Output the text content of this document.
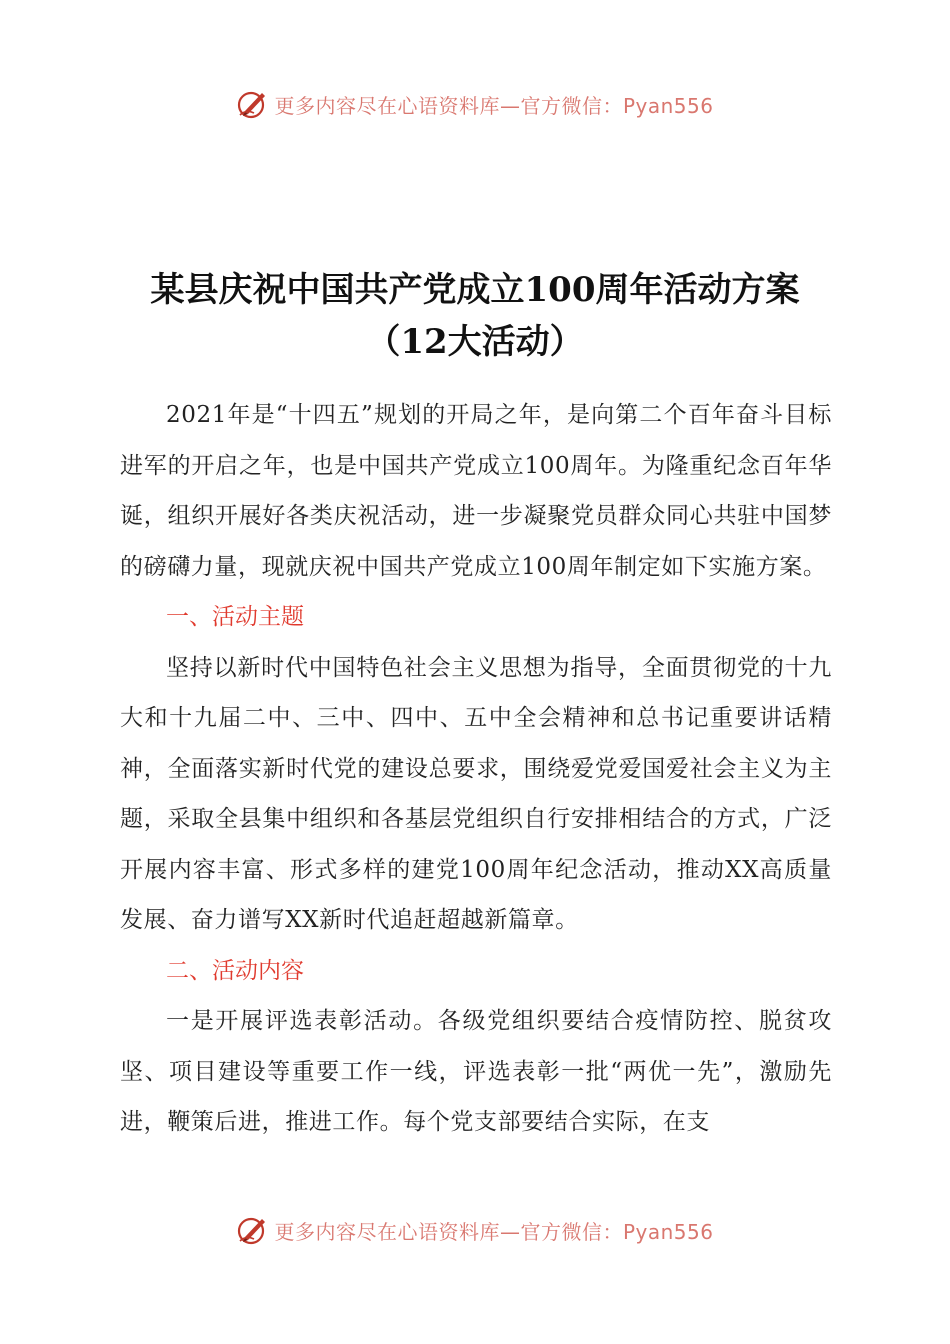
更多内容尽在心语资料库—官方微信：Pyan556
某县庆祝中国共产党成立100周年活动方案
（12大活动）

2021年是“十四五”规划的开局之年，是向第二个百年奋斗目标进军的开启之年，也是中国共产党成立100周年。为隆重纪念百年华诞，组织开展好各类庆祝活动，进一步凝聚党员群众同心共驻中国梦的磅礴力量，现就庆祝中国共产党成立100周年制定如下实施方案。

一、活动主题

坚持以新时代中国特色社会主义思想为指导，全面贯彻党的十九大和十九届二中、三中、四中、五中全会精神和总书记重要讲话精神，全面落实新时代党的建设总要求，围绕爱党爱国爱社会主义为主题，采取全县集中组织和各基层党组织自行安排相结合的方式，广泛开展内容丰富、形式多样的建党100周年纪念活动，推动XX高质量发展、奋力谱写XX新时代追赶超越新篇章。

二、活动内容

一是开展评选表彰活动。各级党组织要结合疫情防控、脱贫攻坚、项目建设等重要工作一线，评选表彰一批“两优一先”，激励先进，鞭策后进，推进工作。每个党支部要结合实际，在支

更多内容尽在心语资料库—官方微信：Pyan556
